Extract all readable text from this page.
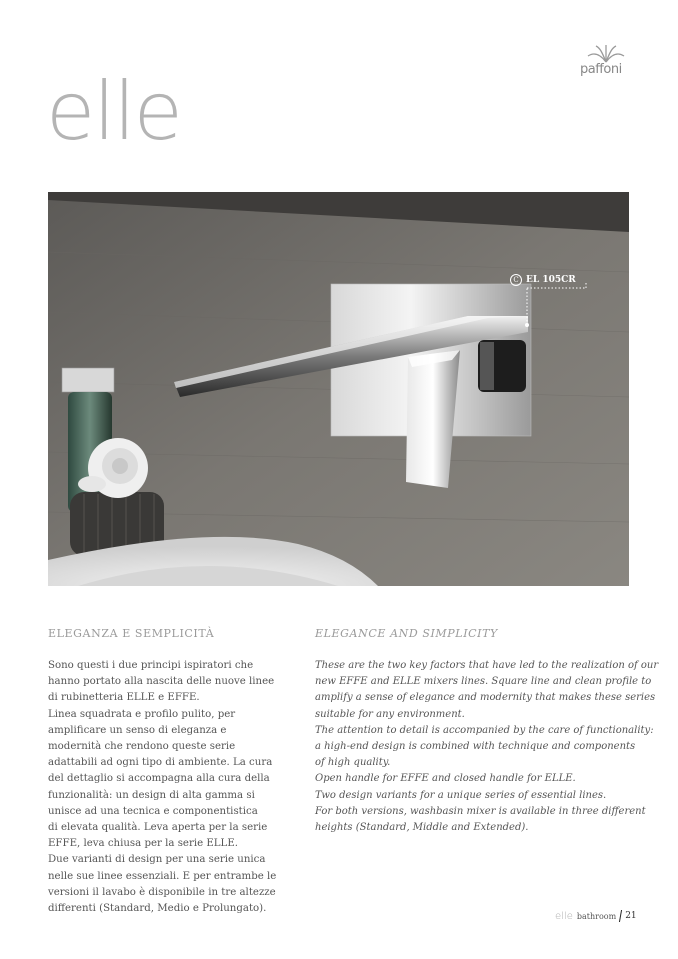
elle	paffoni
C EL 105CR
ELEGANZA E SEMPLICITÀ	ELEGANCE AND SIMPLICITY

Sono questi i due principi ispiratori che

hanno portato alla nascita delle nuove linee

di rubinetteria ELLE e EFFE.

Linea squadrata e profilo pulito, per

amplificare un senso di eleganza e

modernità che rendono queste serie

adattabili ad ogni tipo di ambiente. La cura

del dettaglio si accompagna alla cura della

funzionalità: un design di alta gamma si

unisce ad una tecnica e componentistica

di elevata qualità. Leva aperta per la serie

EFFE, leva chiusa per la serie ELLE.

Due varianti di design per una serie unica

nelle sue linee essenziali. E per entrambe le

versioni il lavabo è disponibile in tre altezze

differenti (Standard, Medio e Prolungato).

These are the two key factors that have led to the realization of our

new EFFE and ELLE mixers lines. Square line and clean profile to

amplify a sense of elegance and modernity that makes these series

suitable for any environment.

The attention to detail is accompanied by the care of functionality:

a high-end design is combined with technique and components

of high quality.

Open handle for EFFE and closed handle for ELLE.

Two design variants for a unique series of essential lines.

For both versions, washbasin mixer is available in three different

heights (Standard, Middle and Extended).

elle bathroom 21
